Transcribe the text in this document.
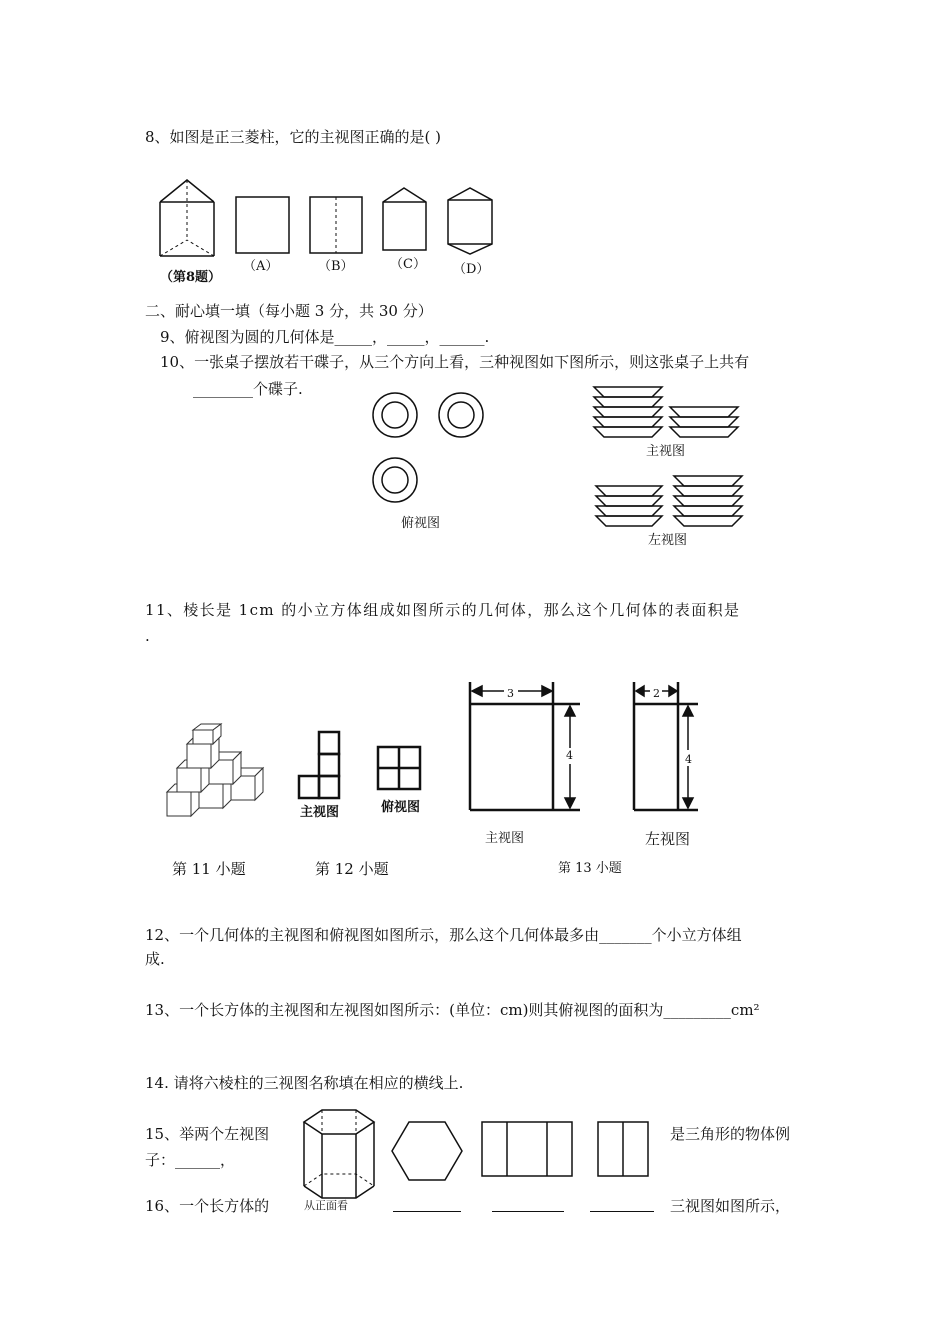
8、如图是正三菱柱，它的主视图正确的是( )
（第8题）
（A）	（B）	（C） （D）
二、耐心填一填（每小题 3 分，共 30 分）
9、俯视图为圆的几何体是_____，_____，______.
10、一张桌子摆放若干碟子，从三个方向上看，三种视图如下图所示，则这张桌子上共有
________个碟子.
俯视图
主视图
左视图
11、棱长是 1cm 的小立方体组成如图所示的几何体，那么这个几何体的表面积是
.
主视图	俯视图
3
4
主视图
2
4
左视图
第 11 小题	第 12 小题	第 13 小题
12、一个几何体的主视图和俯视图如图所示，那么这个几何体最多由_______个小立方体组
成.
13、一个长方体的主视图和左视图如图所示：(单位：cm)则其俯视图的面积为_________cm²
14. 请将六棱柱的三视图名称填在相应的横线上.
15、举两个左视图
子：______，
是三角形的物体例
16、一个长方体的	三视图如图所示，
从正面看
